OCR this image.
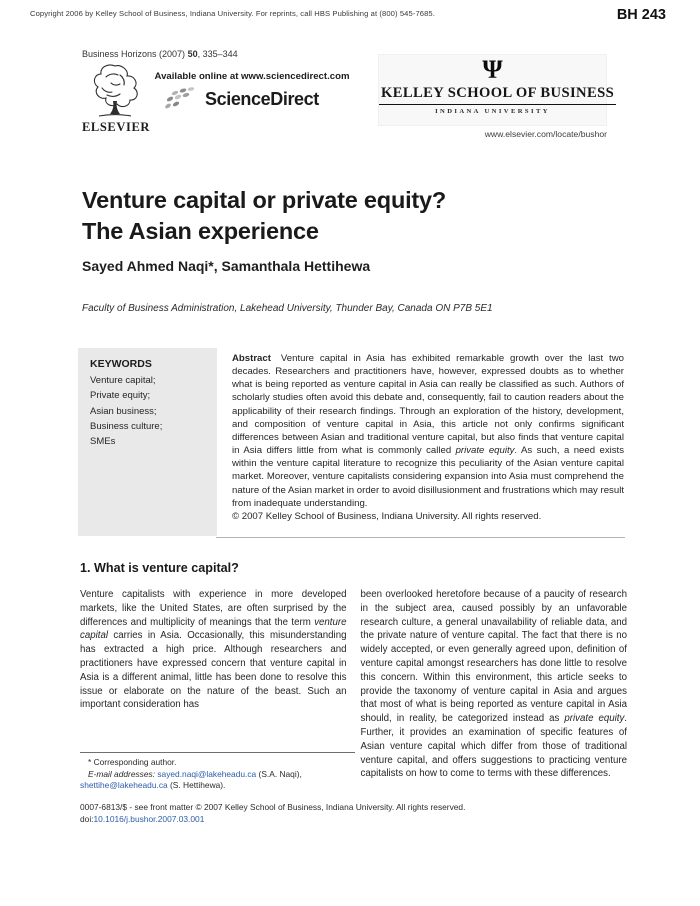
Copyright 2006 by Kelley School of Business, Indiana University. For reprints, call HBS Publishing at (800) 545-7685.	BH 243
Business Horizons (2007) 50, 335–344
ELSEVIER
Available online at www.sciencedirect.com
ScienceDirect
Ψ
KELLEY SCHOOL OF BUSINESS
INDIANA UNIVERSITY
www.elsevier.com/locate/bushor
Venture capital or private equity?
The Asian experience
Sayed Ahmed Naqi*, Samanthala Hettihewa
Faculty of Business Administration, Lakehead University, Thunder Bay, Canada ON P7B 5E1
KEYWORDS
Venture capital;
Private equity;
Asian business;
Business culture;
SMEs
Abstract Venture capital in Asia has exhibited remarkable growth over the last two decades. Researchers and practitioners have, however, expressed doubts as to whether what is being reported as venture capital in Asia can really be classified as such. Authors of scholarly studies often avoid this debate and, consequently, fail to caution readers about the applicability of their research findings. Through an exploration of the history, development, and composition of venture capital in Asia, this article not only confirms significant differences between Asian and traditional venture capital, but also finds that venture capital in Asia differs little from what is commonly called private equity. As such, a need exists within the venture capital literature to recognize this peculiarity of the Asian venture capital market. Moreover, venture capitalists considering expansion into Asia must comprehend the nature of the Asian market in order to avoid disillusionment and frustrations which may result from inadequate understanding.
© 2007 Kelley School of Business, Indiana University. All rights reserved.
1. What is venture capital?
Venture capitalists with experience in more developed markets, like the United States, are often surprised by the differences and multiplicity of meanings that the term venture capital carries in Asia. Occasionally, this misunderstanding has extracted a high price. Although researchers and practitioners have expressed concern that venture capital in Asia is a different animal, little has been done to resolve this issue or elaborate on the nature of the beast. Such an important consideration has
been overlooked heretofore because of a paucity of research in the subject area, caused possibly by an unfavorable research culture, a general unavailability of reliable data, and the private nature of venture capital. The fact that there is no widely accepted, or even generally agreed upon, definition of venture capital amongst researchers has done little to resolve this concern. Within this environment, this article seeks to provide the taxonomy of venture capital in Asia and argues that most of what is being reported as venture capital in Asia should, in reality, be categorized instead as private equity. Further, it provides an examination of specific features of Asian venture capital which differ from those of traditional venture capital, and offers suggestions to practicing venture capitalists on how to come to terms with these differences.
* Corresponding author.
E-mail addresses: sayed.naqi@lakeheadu.ca (S.A. Naqi),
shettihe@lakeheadu.ca (S. Hettihewa).
0007-6813/$ - see front matter © 2007 Kelley School of Business, Indiana University. All rights reserved.
doi:10.1016/j.bushor.2007.03.001
